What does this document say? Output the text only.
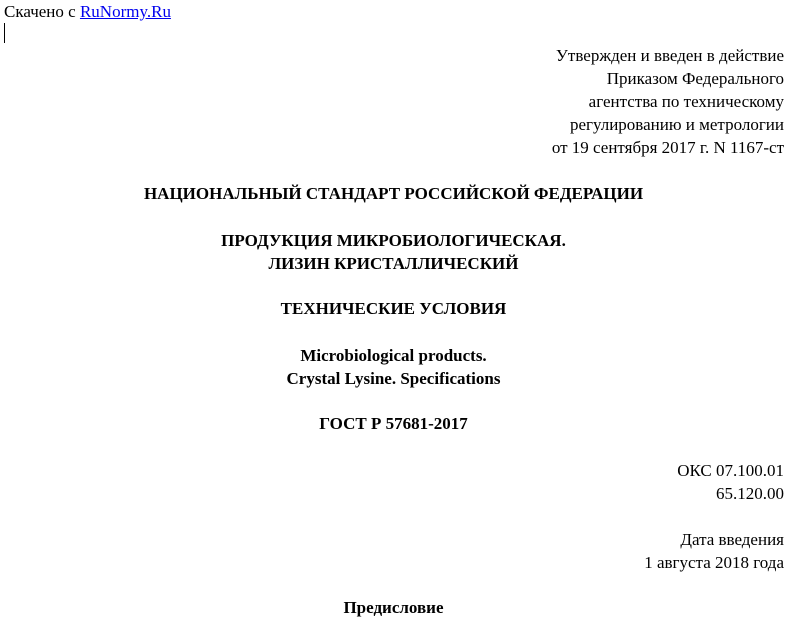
Скачено с RuNormy.Ru
Утвержден и введен в действие
Приказом Федерального
агентства по техническому
регулированию и метрологии
от 19 сентября 2017 г. N 1167-ст
НАЦИОНАЛЬНЫЙ СТАНДАРТ РОССИЙСКОЙ ФЕДЕРАЦИИ
ПРОДУКЦИЯ МИКРОБИОЛОГИЧЕСКАЯ.
ЛИЗИН КРИСТАЛЛИЧЕСКИЙ
ТЕХНИЧЕСКИЕ УСЛОВИЯ
Microbiological products.
Crystal Lysine. Specifications
ГОСТ Р 57681-2017
ОКС 07.100.01
65.120.00
Дата введения
1 августа 2018 года
Предисловие
